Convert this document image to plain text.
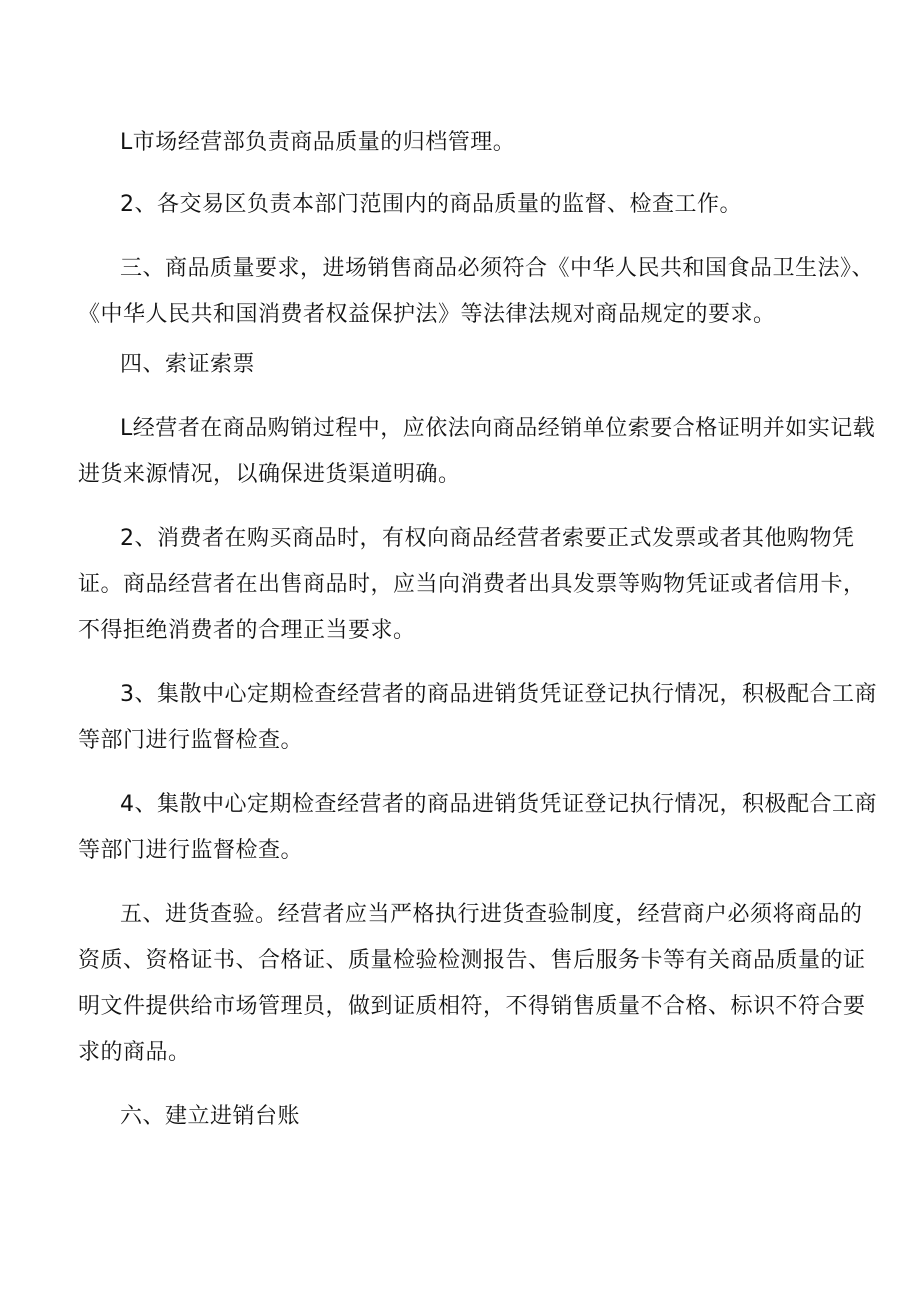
L市场经营部负责商品质量的归档管理。

2、各交易区负责本部门范围内的商品质量的监督、检查工作。

三、商品质量要求，进场销售商品必须符合《中华人民共和国食品卫生法》、《中华人民共和国消费者权益保护法》等法律法规对商品规定的要求。

四、索证索票

L经营者在商品购销过程中，应依法向商品经销单位索要合格证明并如实记载进货来源情况，以确保进货渠道明确。

2、消费者在购买商品时，有权向商品经营者索要正式发票或者其他购物凭证。商品经营者在出售商品时，应当向消费者出具发票等购物凭证或者信用卡，不得拒绝消费者的合理正当要求。

3、集散中心定期检查经营者的商品进销货凭证登记执行情况，积极配合工商等部门进行监督检查。

4、集散中心定期检查经营者的商品进销货凭证登记执行情况，积极配合工商等部门进行监督检查。

五、进货查验。经营者应当严格执行进货查验制度，经营商户必须将商品的资质、资格证书、合格证、质量检验检测报告、售后服务卡等有关商品质量的证明文件提供给市场管理员，做到证质相符，不得销售质量不合格、标识不符合要求的商品。

六、建立进销台账
